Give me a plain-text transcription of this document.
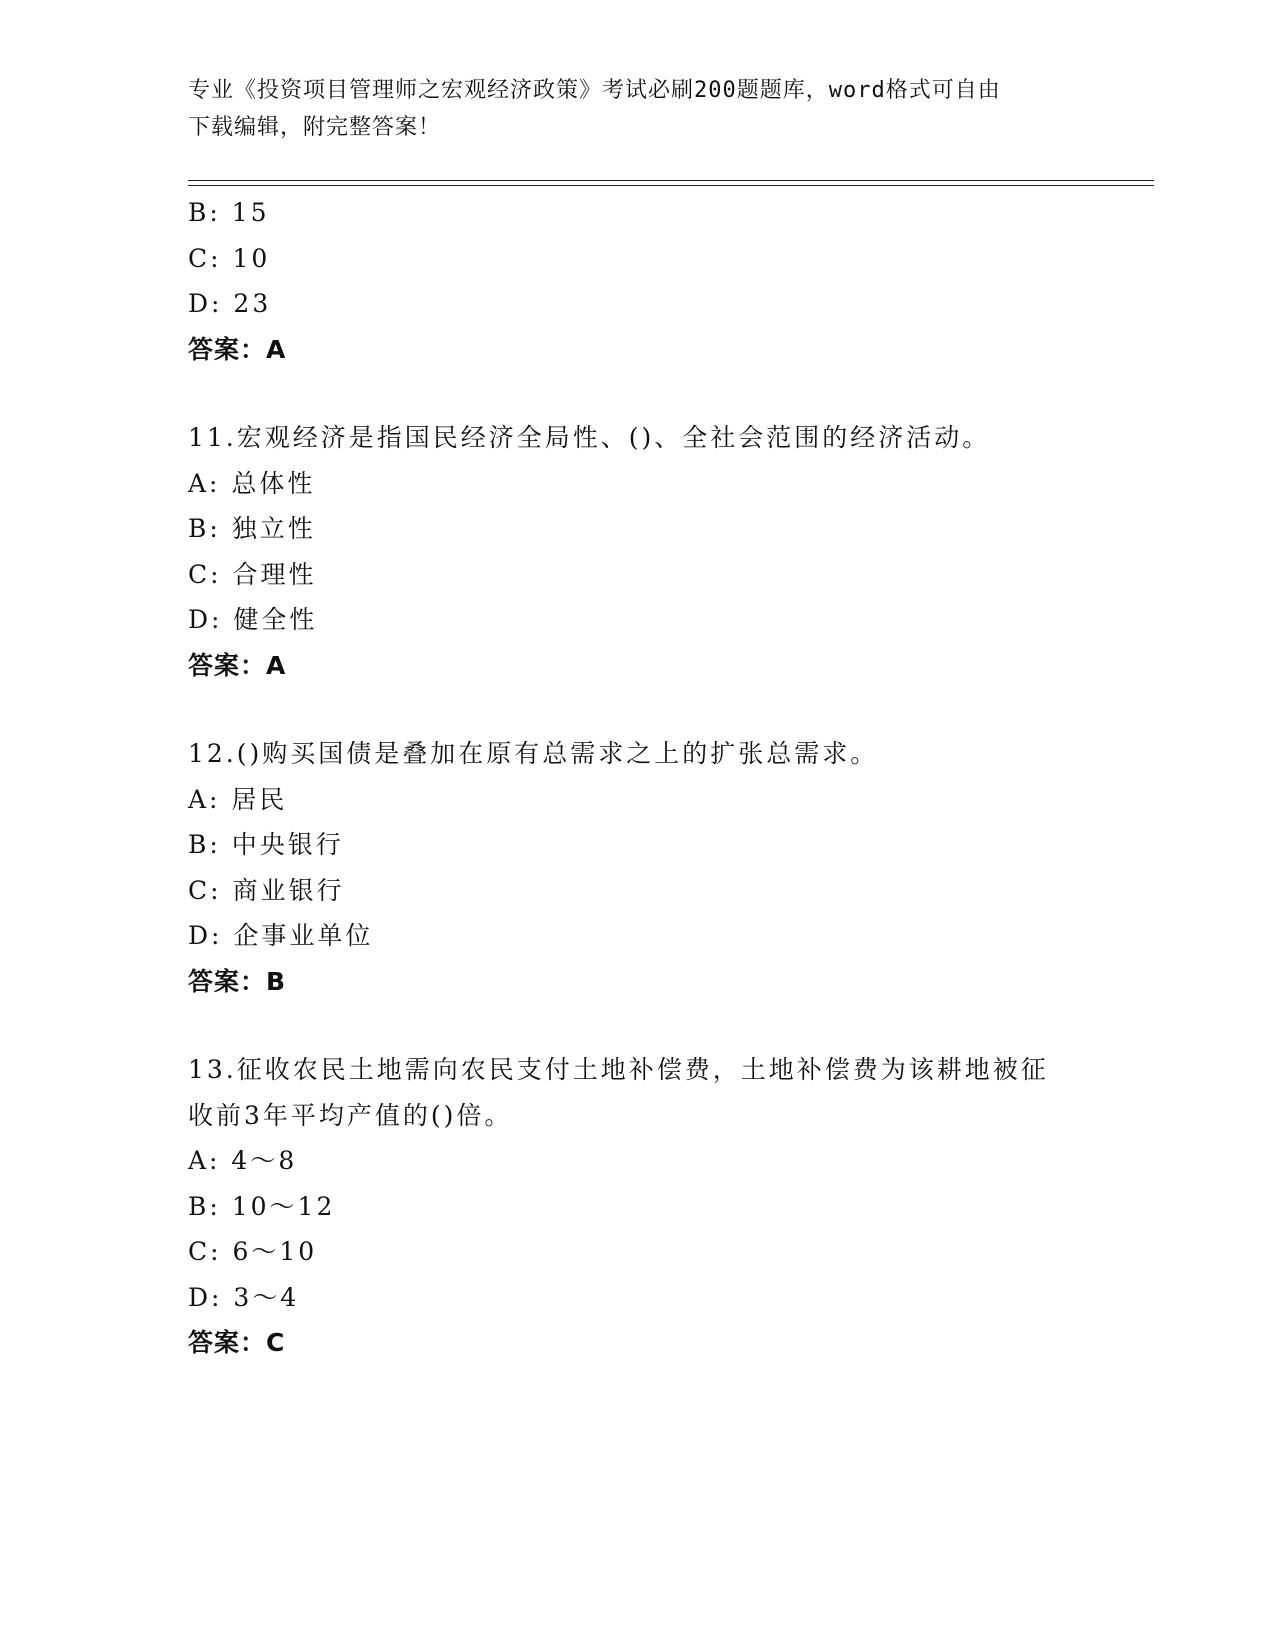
专业《投资项目管理师之宏观经济政策》考试必刷200题题库，word格式可自由
下载编辑，附完整答案！
B: 15
C: 10
D: 23
答案：A
11.宏观经济是指国民经济全局性、()、全社会范围的经济活动。
A: 总体性
B: 独立性
C: 合理性
D: 健全性
答案：A
12.()购买国债是叠加在原有总需求之上的扩张总需求。
A: 居民
B: 中央银行
C: 商业银行
D: 企事业单位
答案：B
13.征收农民土地需向农民支付土地补偿费，土地补偿费为该耕地被征
收前3年平均产值的()倍。
A: 4～8
B: 10～12
C: 6～10
D: 3～4
答案：C
